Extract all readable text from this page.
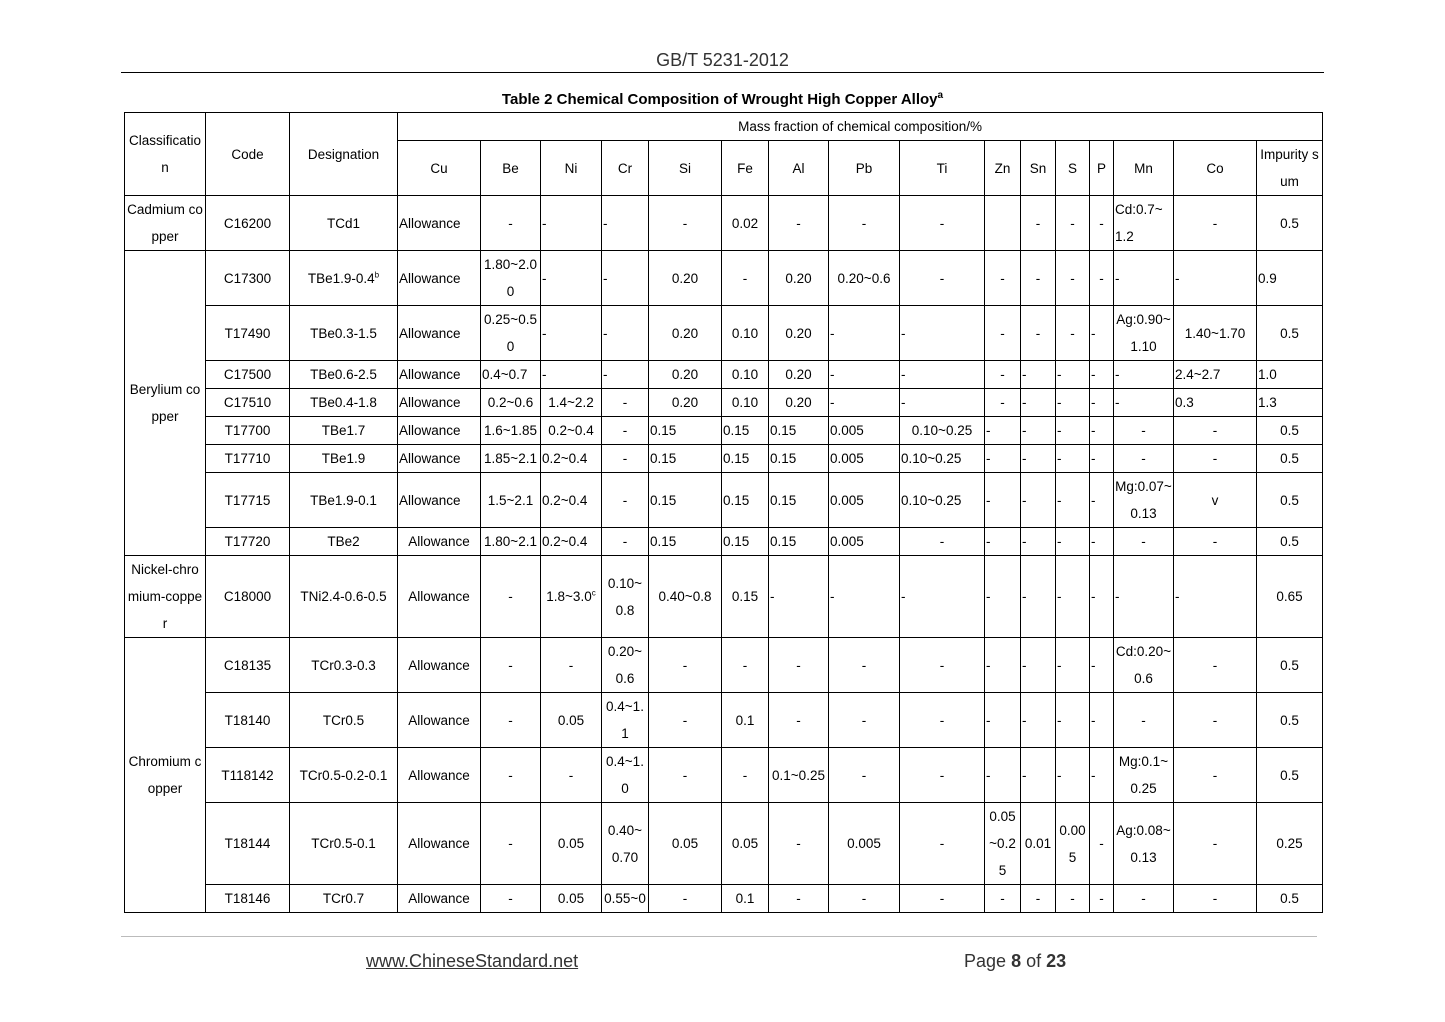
GB/T 5231-2012
Table 2 Chemical Composition of Wrought High Copper Alloy$^a$
Classification	Code	Designation	Mass fraction of chemical composition/%															
			Cu	Be	Ni	Cr	Si	Fe	Al	Pb	Ti	Zn	Sn	S	P	Mn	Co	Impurity sum
Cadmium copper	C16200	TCd1	Allowance	-	-	-	-	0.02	-	-	-		-	-	-	Cd:0.7~1.2	-	0.5
Berylium copper	C17300	TBe1.9-0.4$^b$	Allowance	1.80~2.00	-	-	0.20	-	0.20	0.20~0.6	-	-	-	-	-	-	-	0.9
	T17490	TBe0.3-1.5	Allowance	0.25~0.50	-	-	0.20	0.10	0.20	-	-	-	-	-	-	Ag:0.90~1.10	1.40~1.70	0.5
	C17500	TBe0.6-2.5	Allowance	0.4~0.7	-	-	0.20	0.10	0.20	-	-	-	-	-	-	-	2.4~2.7	1.0
	C17510	TBe0.4-1.8	Allowance	0.2~0.6	1.4~2.2	-	0.20	0.10	0.20	-	-	-	-	-	-	-	0.3	1.3
	T17700	TBe1.7	Allowance	1.6~1.85	0.2~0.4	-	0.15	0.15	0.15	0.005	0.10~0.25	-	-	-	-	-	-	0.5
	T17710	TBe1.9	Allowance	1.85~2.1	0.2~0.4	-	0.15	0.15	0.15	0.005	0.10~0.25	-	-	-	-	-	-	0.5
	T17715	TBe1.9-0.1	Allowance	1.5~2.1	0.2~0.4	-	0.15	0.15	0.15	0.005	0.10~0.25	-	-	-	-	Mg:0.07~0.13	v	0.5
	T17720	TBe2	Allowance	1.80~2.1	0.2~0.4	-	0.15	0.15	0.15	0.005	-	-	-	-	-	-	-	0.5
Nickel-chromium-copper	C18000	TNi2.4-0.6-0.5	Allowance	-	1.8~3.0$^c$	0.10~0.8	0.40~0.8	0.15	-	-	-	-	-	-	-	-	-	0.65
Chromium copper	C18135	TCr0.3-0.3	Allowance	-	-	0.20~0.6	-	-	-	-	-	-	-	-	-	Cd:0.20~0.6	-	0.5
	T18140	TCr0.5	Allowance	-	0.05	0.4~1.1	-	0.1	-	-	-	-	-	-	-	-	-	0.5
	T118142	TCr0.5-0.2-0.1	Allowance	-	-	0.4~1.0	-	-	0.1~0.25	-	-	-	-	-	-	Mg:0.1~0.25	-	0.5
	T18144	TCr0.5-0.1	Allowance	-	0.05	0.40~0.70	0.05	0.05	-	0.005	-	0.05~0.25	0.01	0.005	-	Ag:0.08~0.13	-	0.25
	T18146	TCr0.7	Allowance	-	0.05	0.55~0	-	0.1	-	-	-	-	-	-	-	-	-	0.5
www.ChineseStandard.net	Page 8 of 23
